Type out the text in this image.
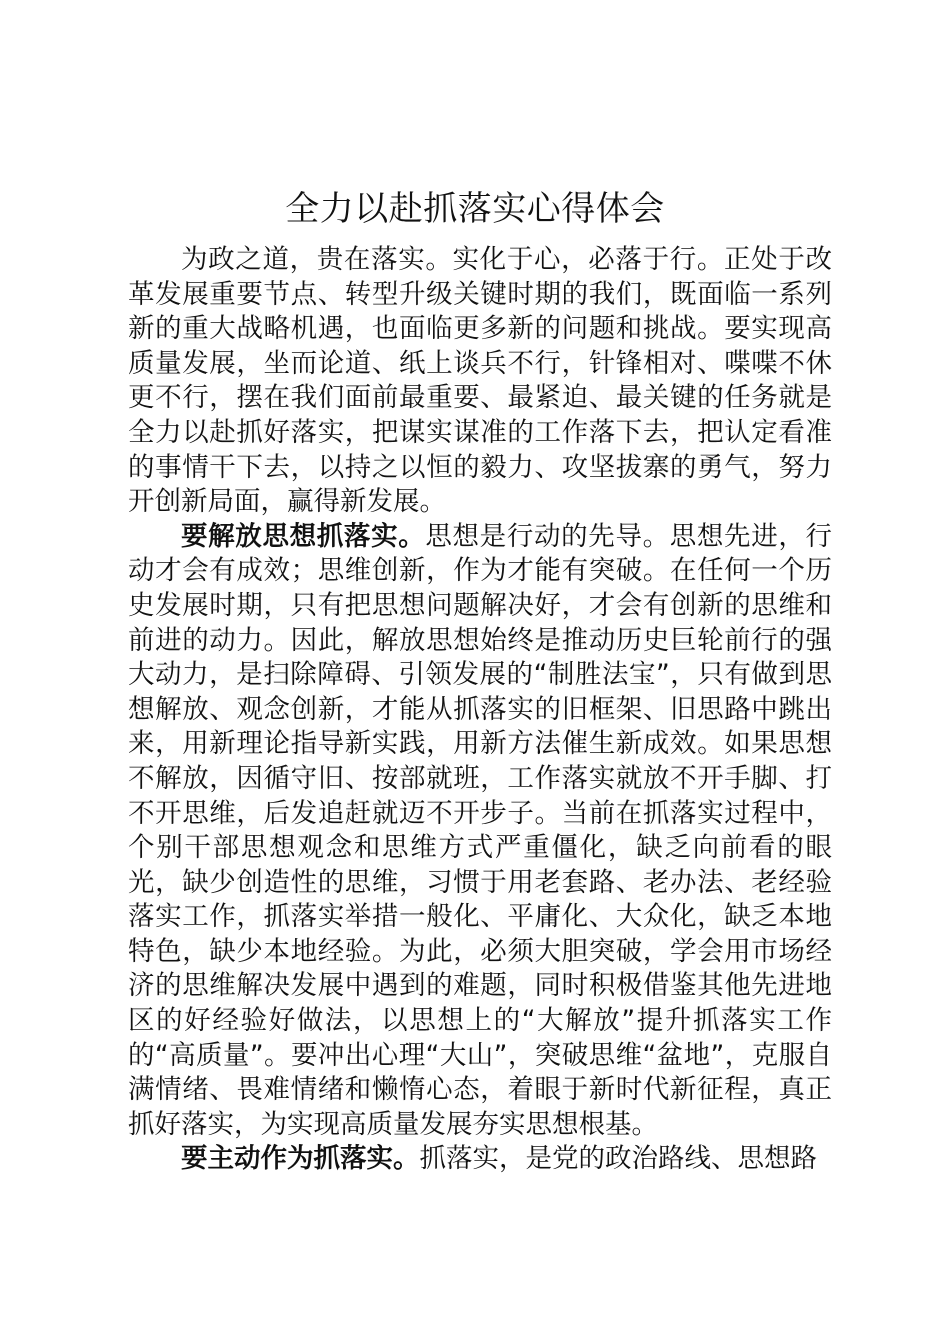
全力以赴抓落实心得体会

为政之道，贵在落实。实化于心，必落于行。正处于改革发展重要节点、转型升级关键时期的我们，既面临一系列新的重大战略机遇，也面临更多新的问题和挑战。要实现高质量发展，坐而论道、纸上谈兵不行，针锋相对、喋喋不休更不行，摆在我们面前最重要、最紧迫、最关键的任务就是全力以赴抓好落实，把谋实谋准的工作落下去，把认定看准的事情干下去，以持之以恒的毅力、攻坚拔寨的勇气，努力开创新局面，赢得新发展。

要解放思想抓落实。思想是行动的先导。思想先进，行动才会有成效；思维创新，作为才能有突破。在任何一个历史发展时期，只有把思想问题解决好，才会有创新的思维和前进的动力。因此，解放思想始终是推动历史巨轮前行的强大动力，是扫除障碍、引领发展的“制胜法宝”，只有做到思想解放、观念创新，才能从抓落实的旧框架、旧思路中跳出来，用新理论指导新实践，用新方法催生新成效。如果思想不解放，因循守旧、按部就班，工作落实就放不开手脚、打不开思维，后发追赶就迈不开步子。当前在抓落实过程中，个别干部思想观念和思维方式严重僵化，缺乏向前看的眼光，缺少创造性的思维，习惯于用老套路、老办法、老经验落实工作，抓落实举措一般化、平庸化、大众化，缺乏本地特色，缺少本地经验。为此，必须大胆突破，学会用市场经济的思维解决发展中遇到的难题，同时积极借鉴其他先进地区的好经验好做法，以思想上的“大解放”提升抓落实工作的“高质量”。要冲出心理“大山”，突破思维“盆地”，克服自满情绪、畏难情绪和懒惰心态，着眼于新时代新征程，真正抓好落实，为实现高质量发展夯实思想根基。

要主动作为抓落实。抓落实，是党的政治路线、思想路
